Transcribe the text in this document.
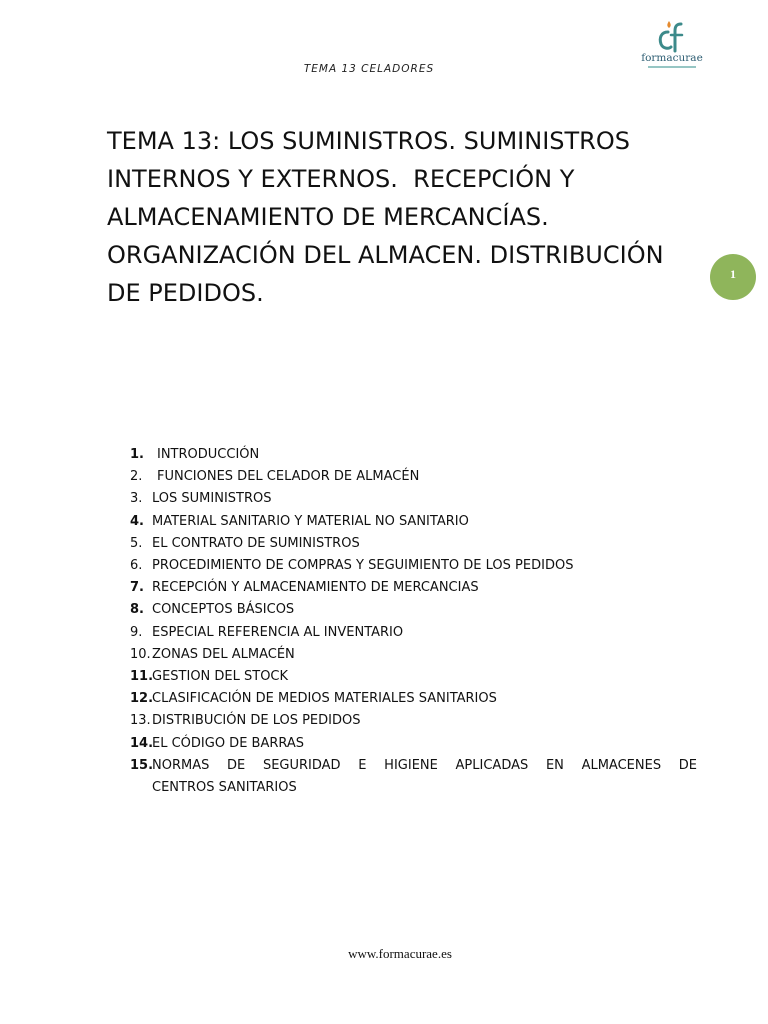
TEMA 13 CELADORES
formacurae
TEMA 13: LOS SUMINISTROS. SUMINISTROS
INTERNOS Y EXTERNOS.  RECEPCIÓN Y
ALMACENAMIENTO DE MERCANCÍAS.
ORGANIZACIÓN DEL ALMACEN. DISTRIBUCIÓN
DE PEDIDOS.
1
1. INTRODUCCIÓN
2. FUNCIONES DEL CELADOR DE ALMACÉN
3. LOS SUMINISTROS
4. MATERIAL SANITARIO Y MATERIAL NO SANITARIO
5. EL CONTRATO DE SUMINISTROS
6. PROCEDIMIENTO DE COMPRAS Y SEGUIMIENTO DE LOS PEDIDOS
7. RECEPCIÓN Y ALMACENAMIENTO DE MERCANCIAS
8. CONCEPTOS BÁSICOS
9. ESPECIAL REFERENCIA AL INVENTARIO
10. ZONAS DEL ALMACÉN
11.
GESTION DEL STOCK
12.
CLASIFICACIÓN DE MEDIOS MATERIALES SANITARIOS
13. DISTRIBUCIÓN DE LOS PEDIDOS
14.
EL CÓDIGO DE BARRAS
15.
NORMAS DE SEGURIDAD E HIGIENE APLICADAS EN ALMACENES DE
CENTROS SANITARIOS
www.formacurae.es
